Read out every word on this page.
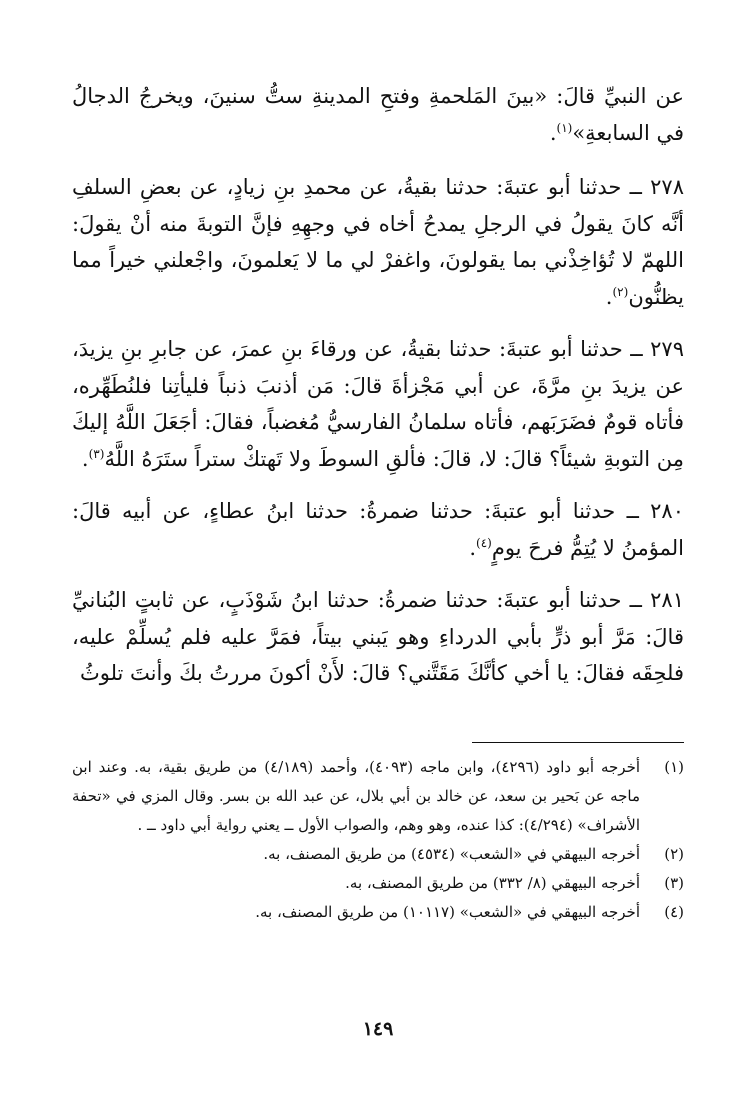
عن النبيِّ قالَ: «بينَ المَلحمةِ وفتحِ المدينةِ ستُّ سنينَ، ويخرجُ الدجالُ في السابعةِ»$^{(١)}$.

٢٧٨ ــ حدثنا أبو عتبةَ: حدثنا بقيةُ، عن محمدِ بنِ زيادٍ، عن بعضِ السلفِ أنَّه كانَ يقولُ في الرجلِ يمدحُ أخاه في وجهِهِ فإنَّ التوبةَ منه أنْ يقولَ: اللهمّ لا تُؤاخِذْني بما يقولونَ، واغفرْ لي ما لا يَعلمونَ، واجْعلني خيراً مما يظنُّون$^{(٢)}$.

٢٧٩ ــ حدثنا أبو عتبةَ: حدثنا بقيةُ، عن ورقاءَ بنِ عمرَ، عن جابرِ بنِ يزيدَ، عن يزيدَ بنِ مرَّةَ، عن أبي مَجْزأةَ قالَ: مَن أذنبَ ذنباً فليأتِنا فلنُطَهِّره، فأتاه قومٌ فضَرَبَهم، فأتاه سلمانُ الفارسيُّ مُغضباً، فقالَ: أجَعَلَ اللَّهُ إليكَ مِن التوبةِ شيئاً؟ قالَ: لا، قالَ: فألقِ السوطَ ولا تَهتكْ ستراً ستَرَهُ اللَّهُ$^{(٣)}$.

٢٨٠ ــ حدثنا أبو عتبةَ: حدثنا ضمرةُ: حدثنا ابنُ عطاءٍ، عن أبيه قالَ: المؤمنُ لا يُتِمُّ فرحَ يومٍ$^{(٤)}$.

٢٨١ ــ حدثنا أبو عتبةَ: حدثنا ضمرةُ: حدثنا ابنُ شَوْذَبٍ، عن ثابتٍ البُنانيِّ قالَ: مَرَّ أبو ذرٍّ بأبي الدرداءِ وهو يَبني بيتاً، فمَرَّ عليه فلم يُسلِّمْ عليه، فلحِقَه فقالَ: يا أخي كأنَّكَ مَقَتَّني؟ قالَ: لأَنْ أكونَ مررتُ بكَ وأنتَ تلوثُ

(١)
أخرجه أبو داود (٤٢٩٦)، وابن ماجه (٤٠٩٣)، وأحمد (٤/١٨٩) من طريق بقية، به. وعند ابن ماجه عن بَحير بن سعد، عن خالد بن أبي بلال، عن عبد الله بن بسر. وقال المزي في «تحفة الأشراف» (٤/٢٩٤): كذا عنده، وهو وهم، والصواب الأول ــ يعني رواية أبي داود ــ .

(٢)
أخرجه البيهقي في «الشعب» (٤٥٣٤) من طريق المصنف، به.

(٣)
أخرجه البيهقي (٨/ ٣٣٢) من طريق المصنف، به.

(٤)
أخرجه البيهقي في «الشعب» (١٠١١٧) من طريق المصنف، به.

١٤٩
